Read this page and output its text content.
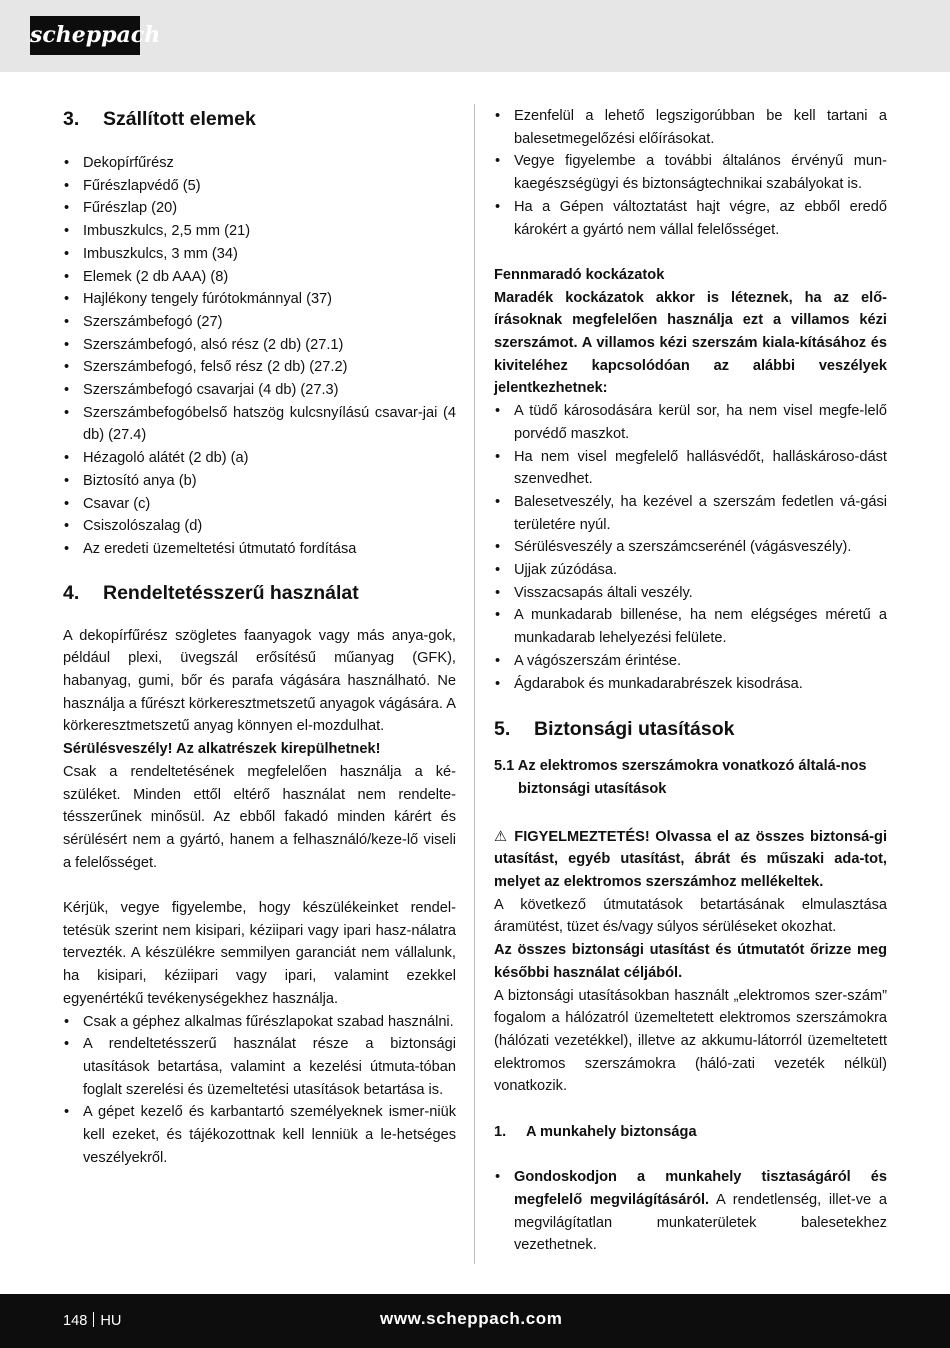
scheppach
3.	Szállított elemek
• Dekopírfűrész
• Fűrészlapvédő (5)
• Fűrészlap (20)
• Imbuszkulcs, 2,5 mm (21)
• Imbuszkulcs, 3 mm (34)
• Elemek (2 db AAA) (8)
• Hajlékony tengely fúrótokmánnyal (37)
• Szerszámbefogó (27)
• Szerszámbefogó, alsó rész (2 db) (27.1)
• Szerszámbefogó, felső rész (2 db) (27.2)
• Szerszámbefogó csavarjai (4 db) (27.3)
• Szerszámbefogóbelső hatszög kulcsnyílású csavar-jai (4 db) (27.4)
• Hézagoló alátét (2 db) (a)
• Biztosító anya (b)
• Csavar (c)
• Csiszolószalag (d)
• Az eredeti üzemeltetési útmutató fordítása
4.	Rendeltetésszerű használat

A dekopírfűrész szögletes faanyagok vagy más anya-gok, például plexi, üvegszál erősítésű műanyag (GFK), habanyag, gumi, bőr és parafa vágására használható. Ne használja a fűrészt körkeresztmetszetű anyagok vágására. A körkeresztmetszetű anyag könnyen el-mozdulhat.

Sérülésveszély! Az alkatrészek kirepülhetnek!

Csak a rendeltetésének megfelelően használja a ké-szüléket. Minden ettől eltérő használat nem rendelte-tésszerűnek minősül. Az ebből fakadó minden kárért és sérülésért nem a gyártó, hanem a felhasználó/keze-lő viseli a felelősséget.

Kérjük, vegye figyelembe, hogy készülékeinket rendel-tetésük szerint nem kisipari, kéziipari vagy ipari hasz-nálatra tervezték. A készülékre semmilyen garanciát nem vállalunk, ha kisipari, kéziipari vagy ipari, valamint ezekkel egyenértékű tevékenységekhez használja.

• Csak a géphez alkalmas fűrészlapokat szabad használni.
• A rendeltetésszerű használat része a biztonsági utasítások betartása, valamint a kezelési útmuta-tóban foglalt szerelési és üzemeltetési utasítások betartása is.
• A gépet kezelő és karbantartó személyeknek ismer-niük kell ezeket, és tájékozottnak kell lenniük a le-hetséges veszélyekről.
• Ezenfelül a lehető legszigorúbban be kell tartani a balesetmegelőzési előírásokat.
• Vegye figyelembe a további általános érvényű mun-kaegészségügyi és biztonságtechnikai szabályokat is.
• Ha a Gépen változtatást hajt végre, az ebből eredő károkért a gyártó nem vállal felelősséget.

Fennmaradó kockázatok

Maradék kockázatok akkor is léteznek, ha az elő-írásoknak megfelelően használja ezt a villamos kézi szerszámot. A villamos kézi szerszám kiala-kításához és kiviteléhez kapcsolódóan az alábbi veszélyek jelentkezhetnek:

• A tüdő károsodására kerül sor, ha nem visel megfe-lelő porvédő maszkot.
• Ha nem visel megfelelő hallásvédőt, halláskároso-dást szenvedhet.
• Balesetveszély, ha kezével a szerszám fedetlen vá-gási területére nyúl.
• Sérülésveszély a szerszámcserénél (vágásveszély).
• Ujjak zúzódása.
• Visszacsapás általi veszély.
• A munkadarab billenése, ha nem elégséges méretű a munkadarab lehelyezési felülete.
• A vágószerszám érintése.
• Ágdarabok és munkadarabrészek kisodrása.
5.	Biztonsági utasítások

5.1 Az elektromos szerszámokra vonatkozó általá-nos biztonsági utasítások

⚠ FIGYELMEZTETÉS! Olvassa el az összes biztonsá-gi utasítást, egyéb utasítást, ábrát és műszaki ada-tot, melyet az elektromos szerszámhoz mellékeltek.

A következő útmutatások betartásának elmulasztása áramütést, tüzet és/vagy súlyos sérüléseket okozhat.

Az összes biztonsági utasítást és útmutatót őrizze meg későbbi használat céljából.

A biztonsági utasításokban használt „elektromos szer-szám” fogalom a hálózatról üzemeltetett elektromos szerszámokra (hálózati vezetékkel), illetve az akkumu-látorról üzemeltetett elektromos szerszámokra (háló-zati vezeték nélkül) vonatkozik.

1.	A munkahely biztonsága
• Gondoskodjon a munkahely tisztaságáról és megfelelő megvilágításáról. A rendetlenség, illet-ve a megvilágítatlan munkaterületek balesetekhez vezethetnek.
148 HU	www.scheppach.com
